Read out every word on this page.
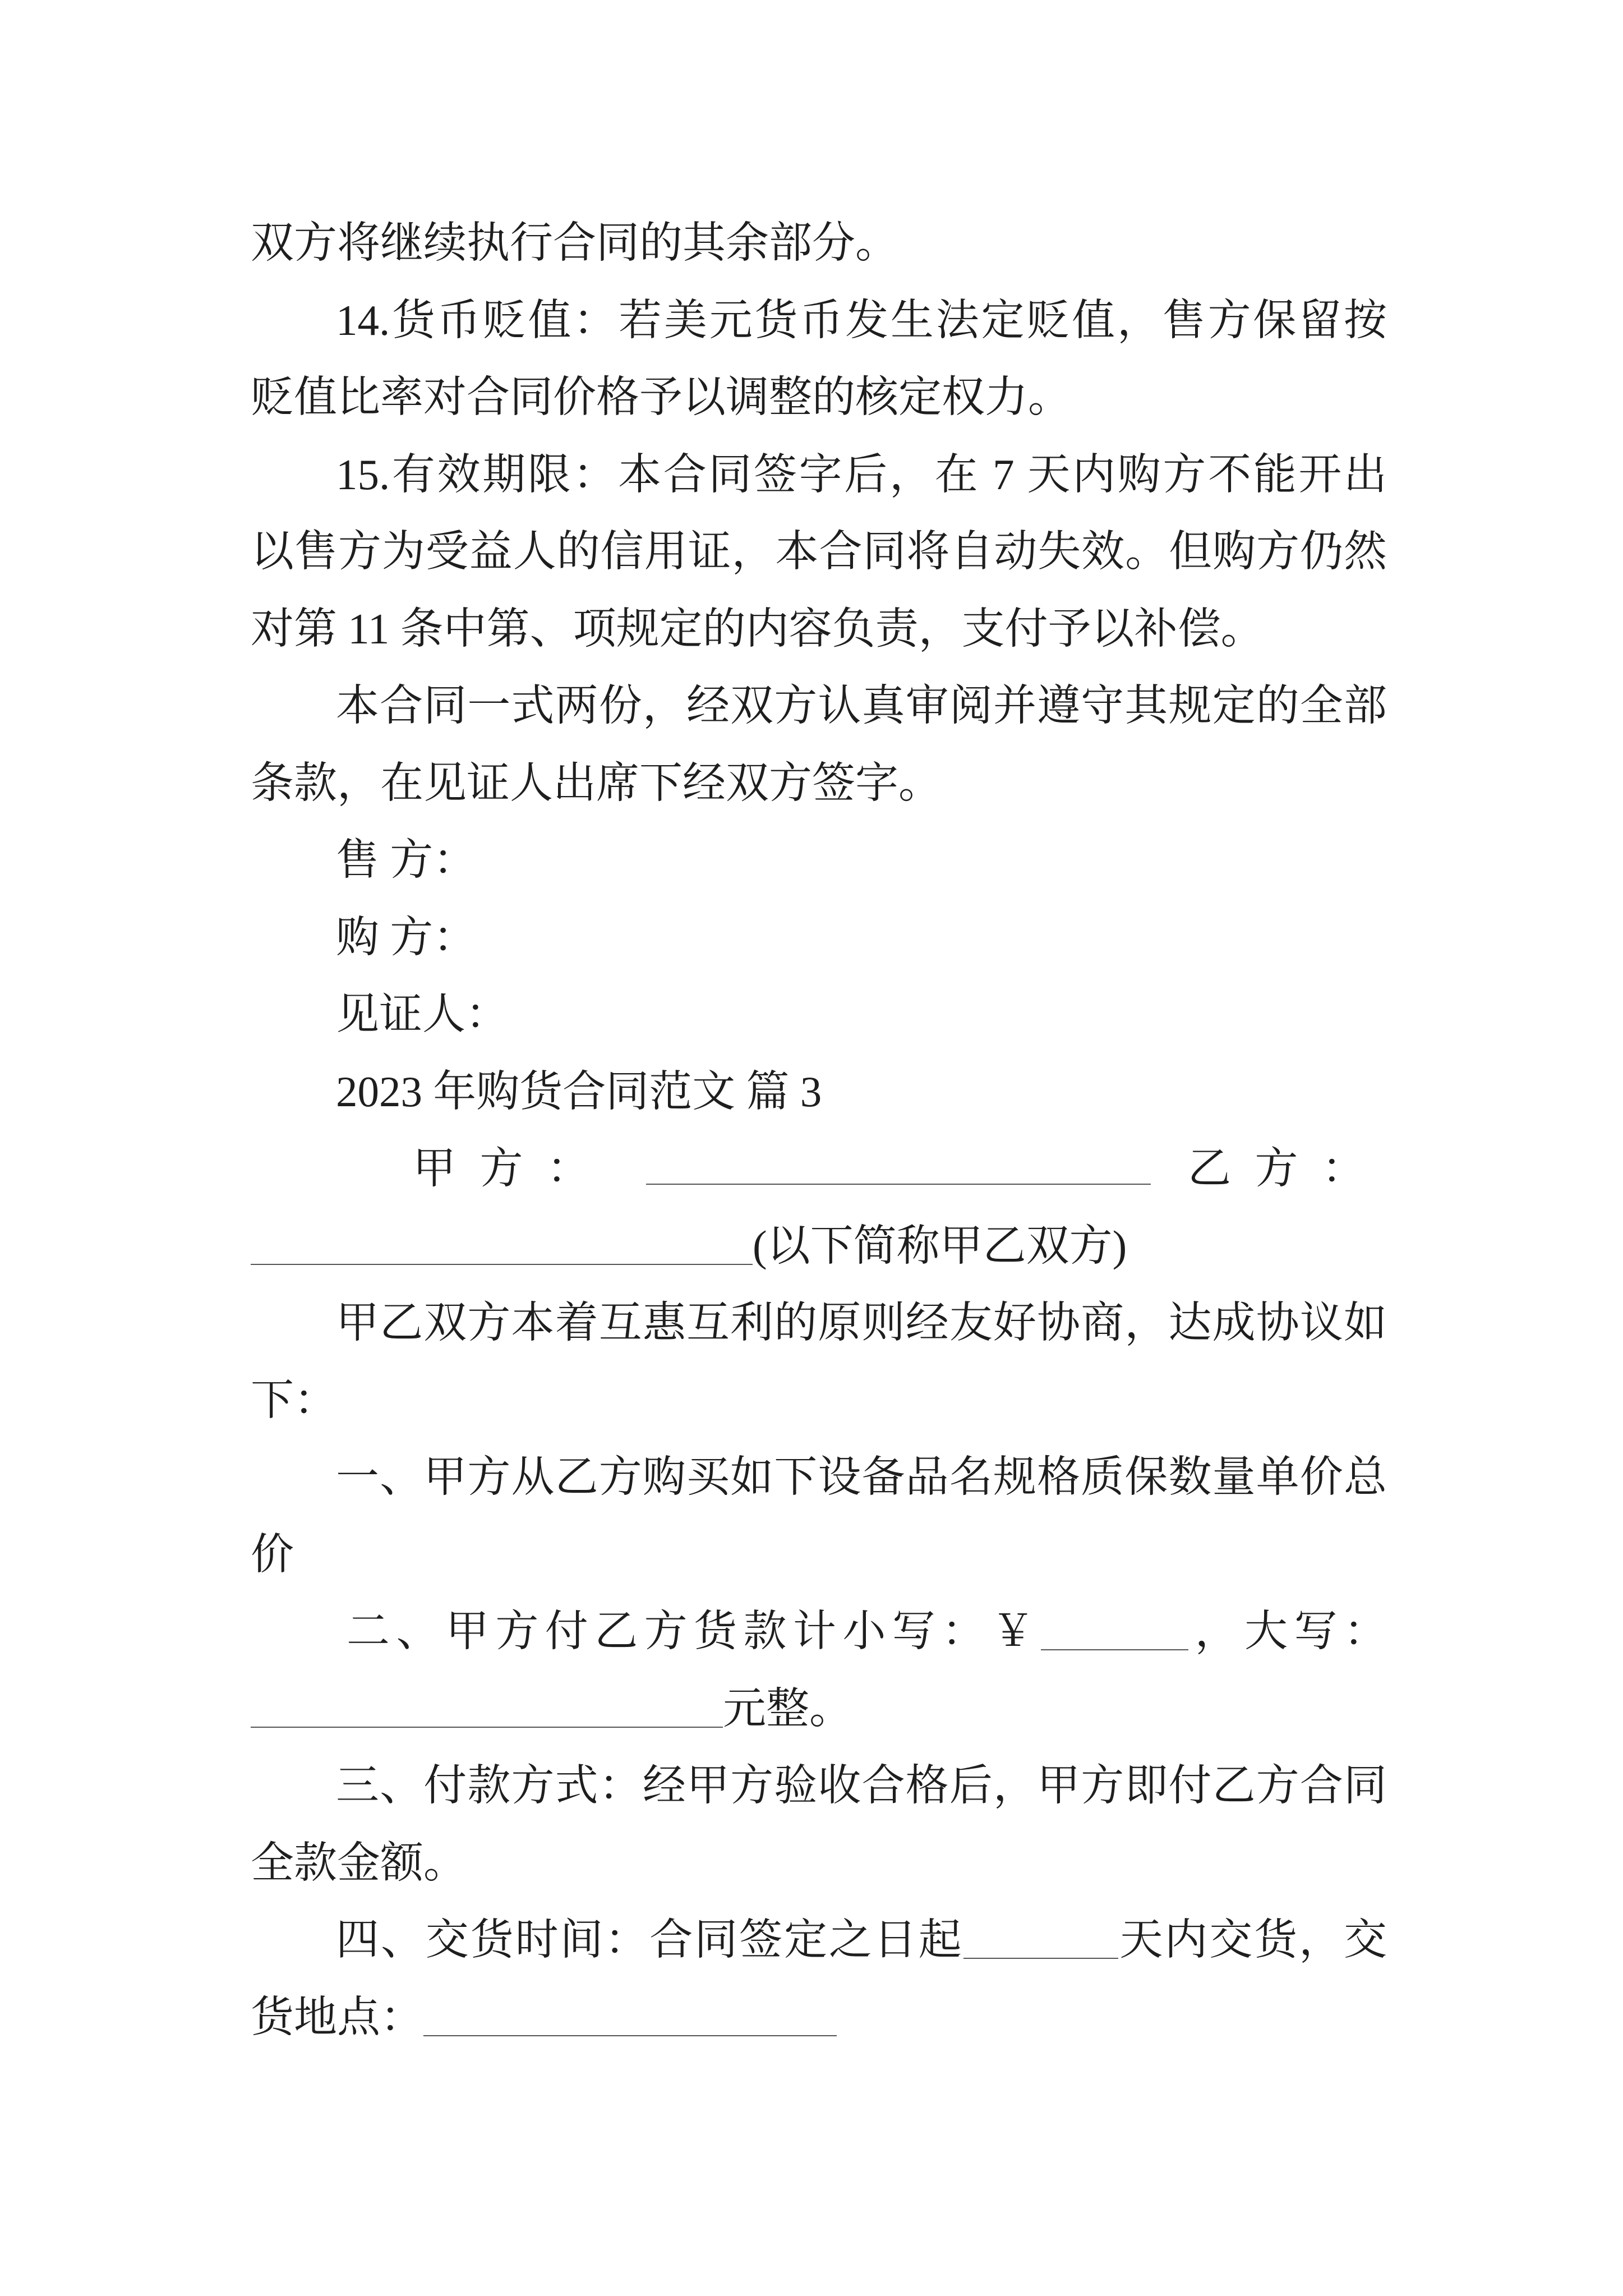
双方将继续执行合同的其余部分。
14.货币贬值：若美元货币发生法定贬值，售方保留按
贬值比率对合同价格予以调整的核定权力。
15.有效期限：本合同签字后，在 7 天内购方不能开出
以售方为受益人的信用证，本合同将自动失效。但购方仍然
对第 11 条中第、项规定的内容负责，支付予以补偿。
本合同一式两份，经双方认真审阅并遵守其规定的全部
条款，在见证人出席下经双方签字。
售 方：
购 方：
见证人：
2023 年购货合同范文 篇 3
甲 方 ：	乙 方 ：
(以下简称甲乙双方)
甲乙双方本着互惠互利的原则经友好协商，达成协议如
下：
一、甲方从乙方购买如下设备品名规格质保数量单价总
价
二、甲方付乙方货款计小写：￥	，大写：
元整。
三、付款方式：经甲方验收合格后，甲方即付乙方合同
全款金额。
四、交货时间：合同签定之日起	天内交货，交
货地点：
